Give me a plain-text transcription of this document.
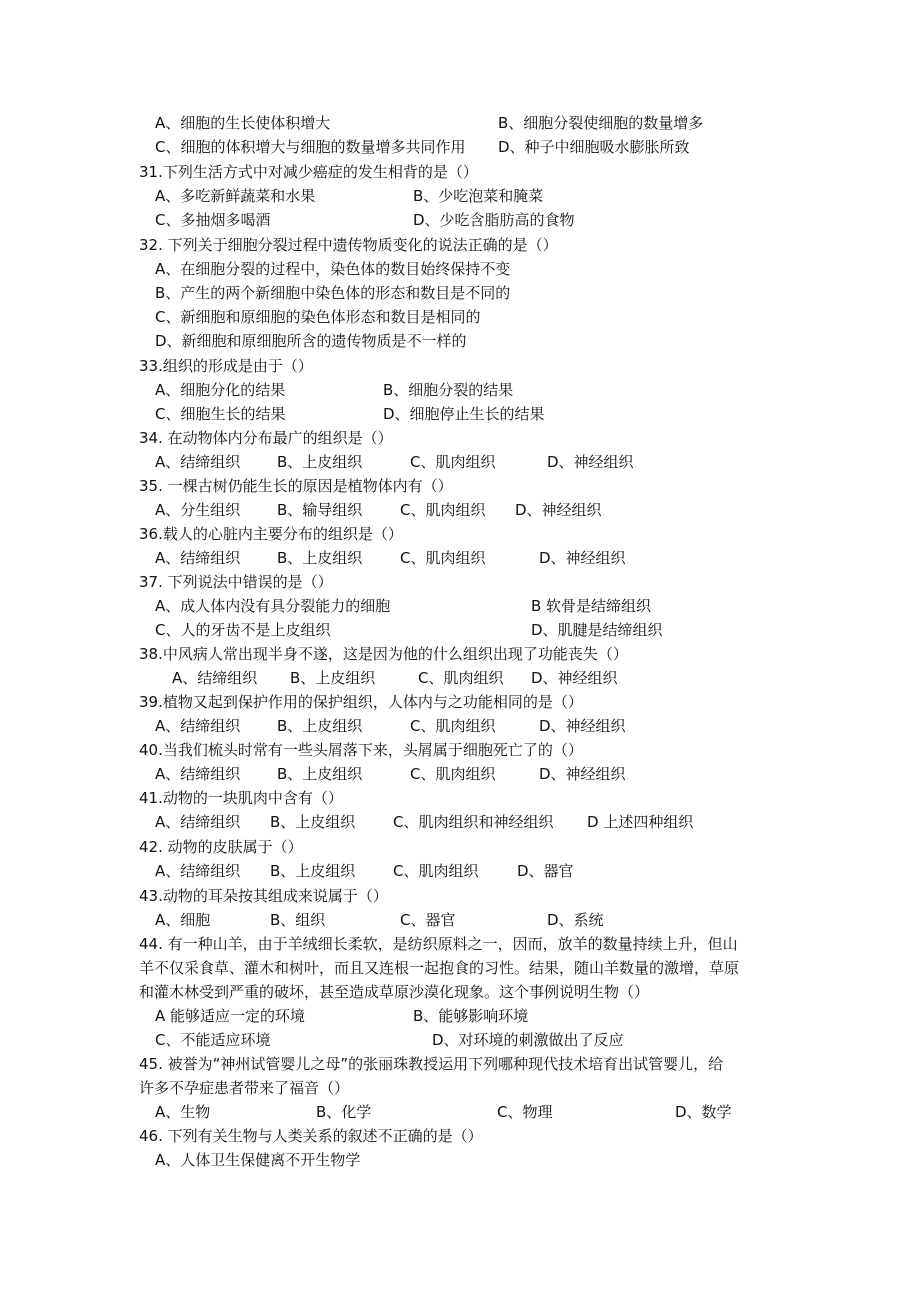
A、细胞的生长使体积增大	B、细胞分裂使细胞的数量增多
C、细胞的体积增大与细胞的数量增多共同作用 D、种子中细胞吸水膨胀所致
31.下列生活方式中对减少癌症的发生相背的是（）
A、多吃新鲜蔬菜和水果	B、少吃泡菜和腌菜
C、多抽烟多喝酒	D、少吃含脂肪高的食物
32. 下列关于细胞分裂过程中遗传物质变化的说法正确的是（）
A、在细胞分裂的过程中，染色体的数目始终保持不变
B、产生的两个新细胞中染色体的形态和数目是不同的
C、新细胞和原细胞的染色体形态和数目是相同的
D、新细胞和原细胞所含的遗传物质是不一样的
33.组织的形成是由于（）
A、细胞分化的结果	B、细胞分裂的结果
C、细胞生长的结果	D、细胞停止生长的结果
34. 在动物体内分布最广的组织是（）
A、结缔组织 B、上皮组织	C、肌肉组织	D、神经组织
35. 一棵古树仍能生长的原因是植物体内有（）
A、分生组织 B、输导组织	C、肌肉组织 D、神经组织
36.载人的心脏内主要分布的组织是（）
A、结缔组织 B、上皮组织	C、肌肉组织	D、神经组织
37. 下列说法中错误的是（）
A、成人体内没有具分裂能力的细胞	B 软骨是结缔组织
C、人的牙齿不是上皮组织	D、肌腱是结缔组织
38.中风病人常出现半身不遂，这是因为他的什么组织出现了功能丧失（）
A、结缔组织 B、上皮组织	C、肌肉组织 D、神经组织
39.植物又起到保护作用的保护组织，人体内与之功能相同的是（）
A、结缔组织 B、上皮组织	C、肌肉组织	D、神经组织
40.当我们梳头时常有一些头屑落下来，头屑属于细胞死亡了的（）
A、结缔组织 B、上皮组织	C、肌肉组织	D、神经组织
41.动物的一块肌肉中含有（）
A、结缔组织 B、上皮组织	C、肌肉组织和神经组织 D 上述四种组织
42. 动物的皮肤属于（）
A、结缔组织 B、上皮组织	C、肌肉组织	D、器官
43.动物的耳朵按其组成来说属于（）
A、细胞	B、组织	C、器官	D、系统
44. 有一种山羊，由于羊绒细长柔软，是纺织原料之一，因而，放羊的数量持续上升，但山
羊不仅采食草、灌木和树叶，而且又连根一起抱食的习性。结果，随山羊数量的激增，草原
和灌木林受到严重的破坏，甚至造成草原沙漠化现象。这个事例说明生物（）
A 能够适应一定的环境	B、能够影响环境
C、不能适应环境	D、对环境的刺激做出了反应
45. 被誉为“神州试管婴儿之母”的张丽珠教授运用下列哪种现代技术培育出试管婴儿，给
许多不孕症患者带来了福音（）
A、生物	B、化学	C、物理	D、数学
46. 下列有关生物与人类关系的叙述不正确的是（）
A、人体卫生保健离不开生物学
